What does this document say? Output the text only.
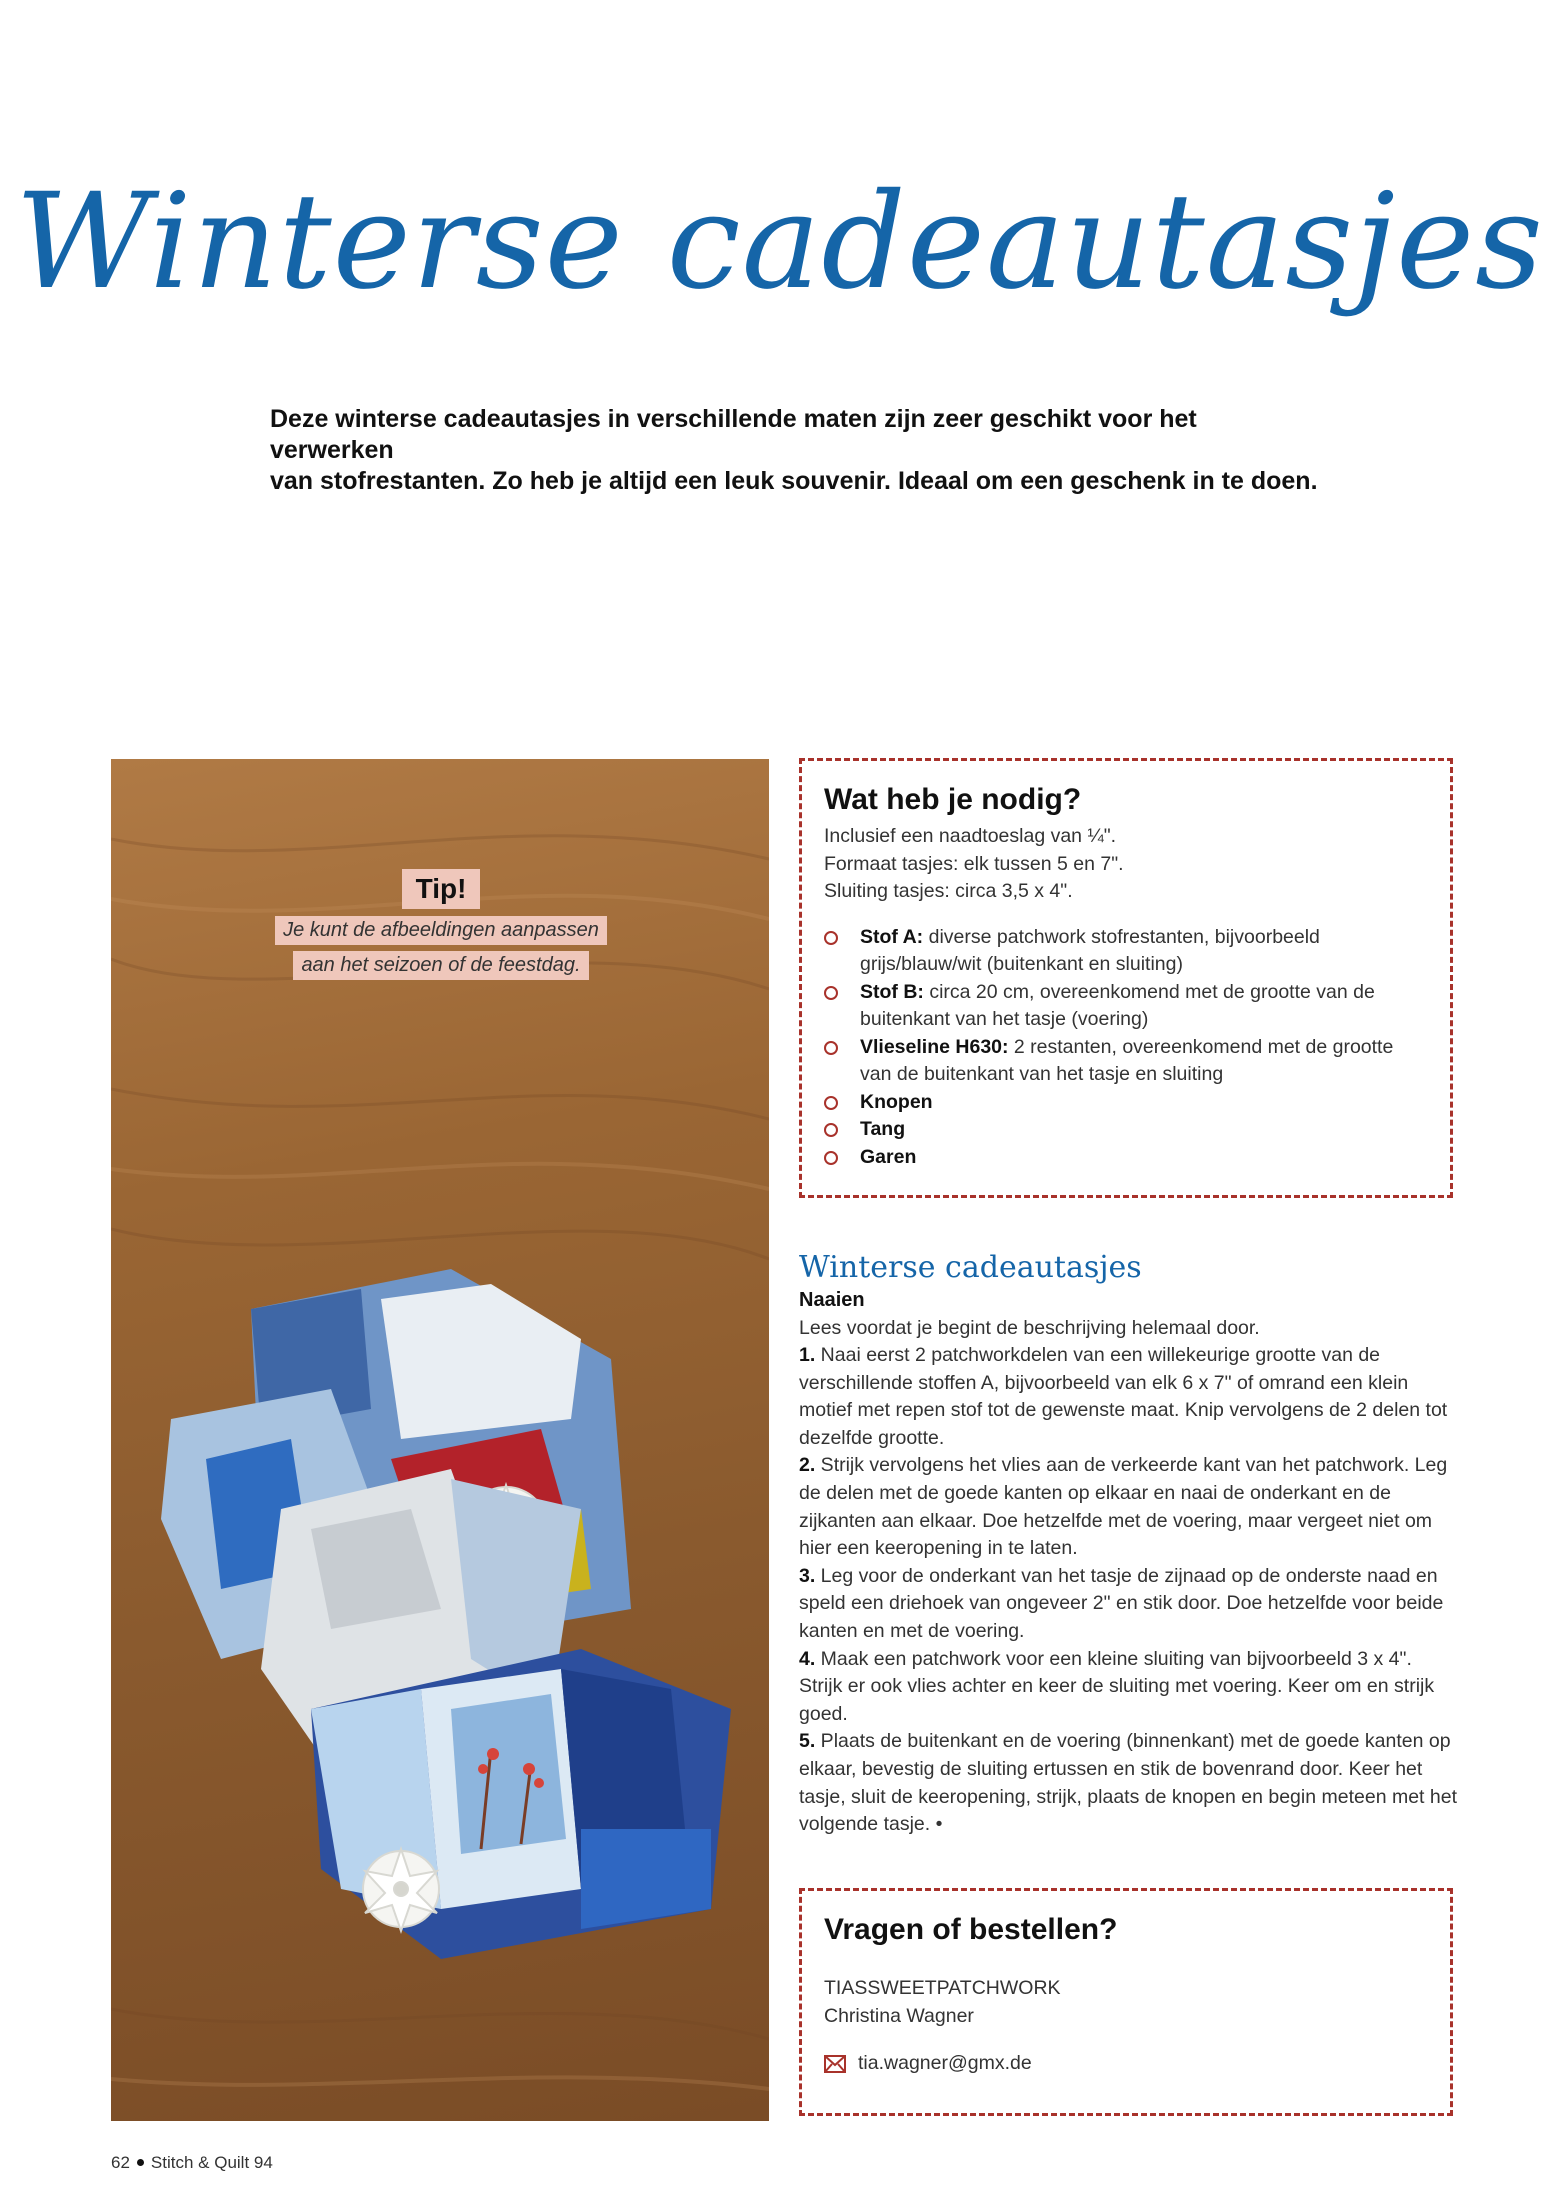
Winterse cadeautasjes
Deze winterse cadeautasjes in verschillende maten zijn zeer geschikt voor het verwerken
van stofrestanten. Zo heb je altijd een leuk souvenir. Ideaal om een geschenk in te doen.
Tip!
Je kunt de afbeeldingen aanpassen
aan het seizoen of de feestdag.
Wat heb je nodig?
Inclusief een naadtoeslag van ¼".
Formaat tasjes: elk tussen 5 en 7".
Sluiting tasjes: circa 3,5 x 4".
Stof A: diverse patchwork stofrestanten, bijvoorbeeld grijs/blauw/wit (buitenkant en sluiting)
Stof B: circa 20 cm, overeenkomend met de grootte van de buitenkant van het tasje (voering)
Vlieseline H630: 2 restanten, overeenkomend met de grootte van de buitenkant van het tasje en sluiting
Knopen
Tang
Garen
Winterse cadeautasjes
Naaien

Lees voordat je begint de beschrijving helemaal door.

1. Naai eerst 2 patchworkdelen van een willekeurige grootte van de verschillende stoffen A, bijvoorbeeld van elk 6 x 7" of omrand een klein motief met repen stof tot de gewenste maat. Knip vervolgens de 2 delen tot dezelfde grootte.

2. Strijk vervolgens het vlies aan de verkeerde kant van het patchwork. Leg de delen met de goede kanten op elkaar en naai de onderkant en de zijkanten aan elkaar. Doe hetzelfde met de voering, maar vergeet niet om hier een keeropening in te laten.

3. Leg voor de onderkant van het tasje de zijnaad op de onderste naad en speld een driehoek van ongeveer 2" en stik door. Doe hetzelfde voor beide kanten en met de voering.

4. Maak een patchwork voor een kleine sluiting van bijvoorbeeld 3 x 4". Strijk er ook vlies achter en keer de sluiting met voering. Keer om en strijk goed.

5. Plaats de buitenkant en de voering (binnenkant) met de goede kanten op elkaar, bevestig de sluiting ertussen en stik de bovenrand door. Keer het tasje, sluit de keeropening, strijk, plaats de knopen en begin meteen met het volgende tasje. •

Vragen of bestellen?
TIASSWEETPATCHWORK
Christina Wagner
tia.wagner@gmx.de
62 Stitch & Quilt 94
